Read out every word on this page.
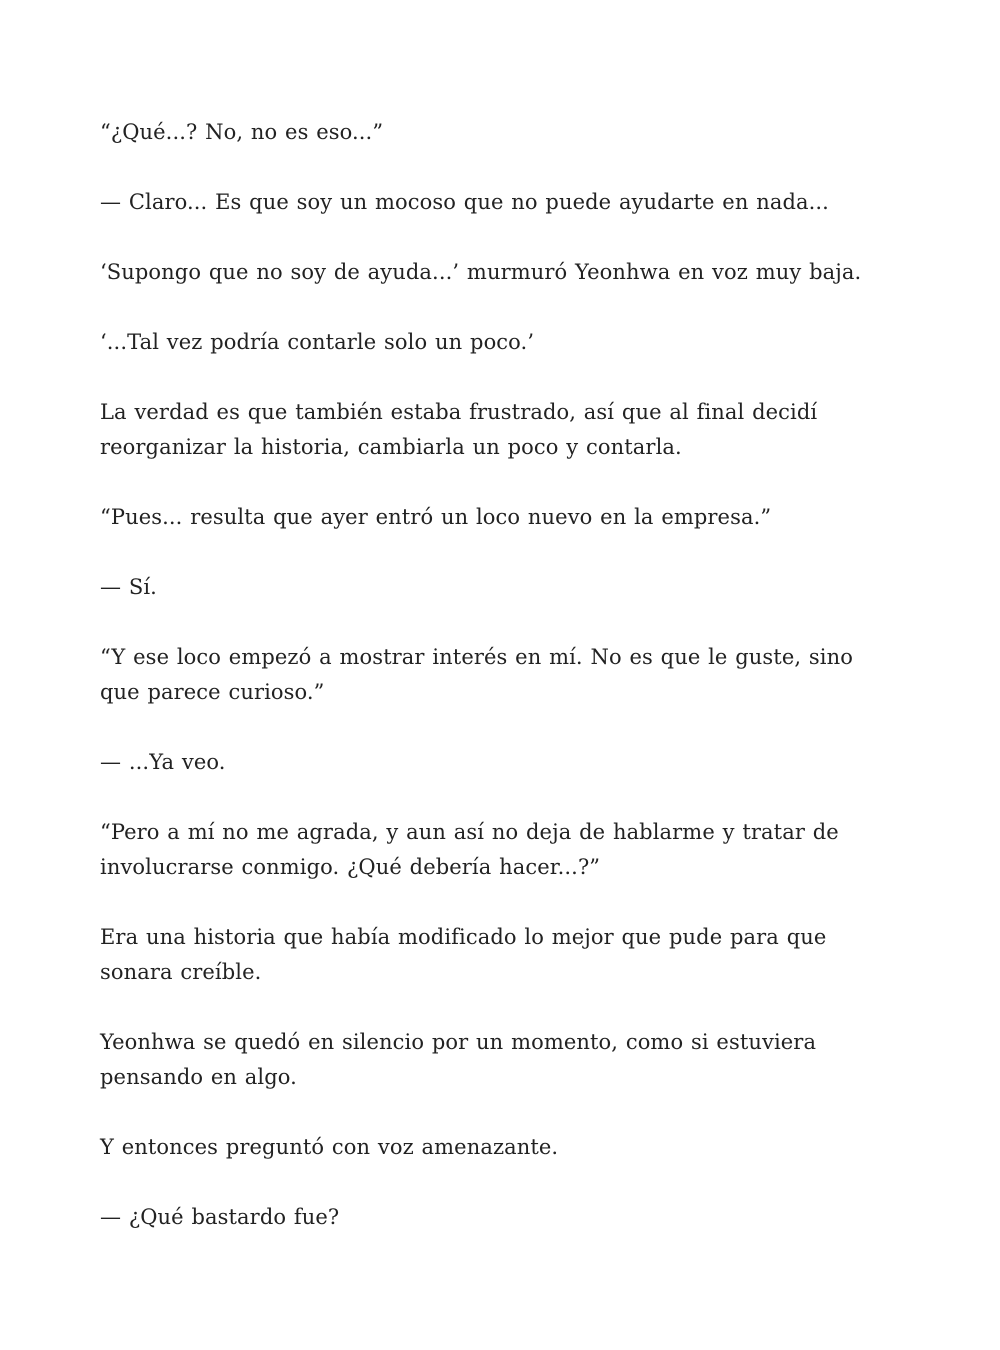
“¿Qué...? No, no es eso...”

— Claro... Es que soy un mocoso que no puede ayudarte en nada...

‘Supongo que no soy de ayuda...’ murmuró Yeonhwa en voz muy baja.

‘...Tal vez podría contarle solo un poco.’

La verdad es que también estaba frustrado, así que al final decidí reorganizar la historia, cambiarla un poco y contarla.

“Pues... resulta que ayer entró un loco nuevo en la empresa.”

— Sí.

“Y ese loco empezó a mostrar interés en mí. No es que le guste, sino que parece curioso.”

— ...Ya veo.

“Pero a mí no me agrada, y aun así no deja de hablarme y tratar de involucrarse conmigo. ¿Qué debería hacer...?”

Era una historia que había modificado lo mejor que pude para que sonara creíble.

Yeonhwa se quedó en silencio por un momento, como si estuviera pensando en algo.

Y entonces preguntó con voz amenazante.

— ¿Qué bastardo fue?
